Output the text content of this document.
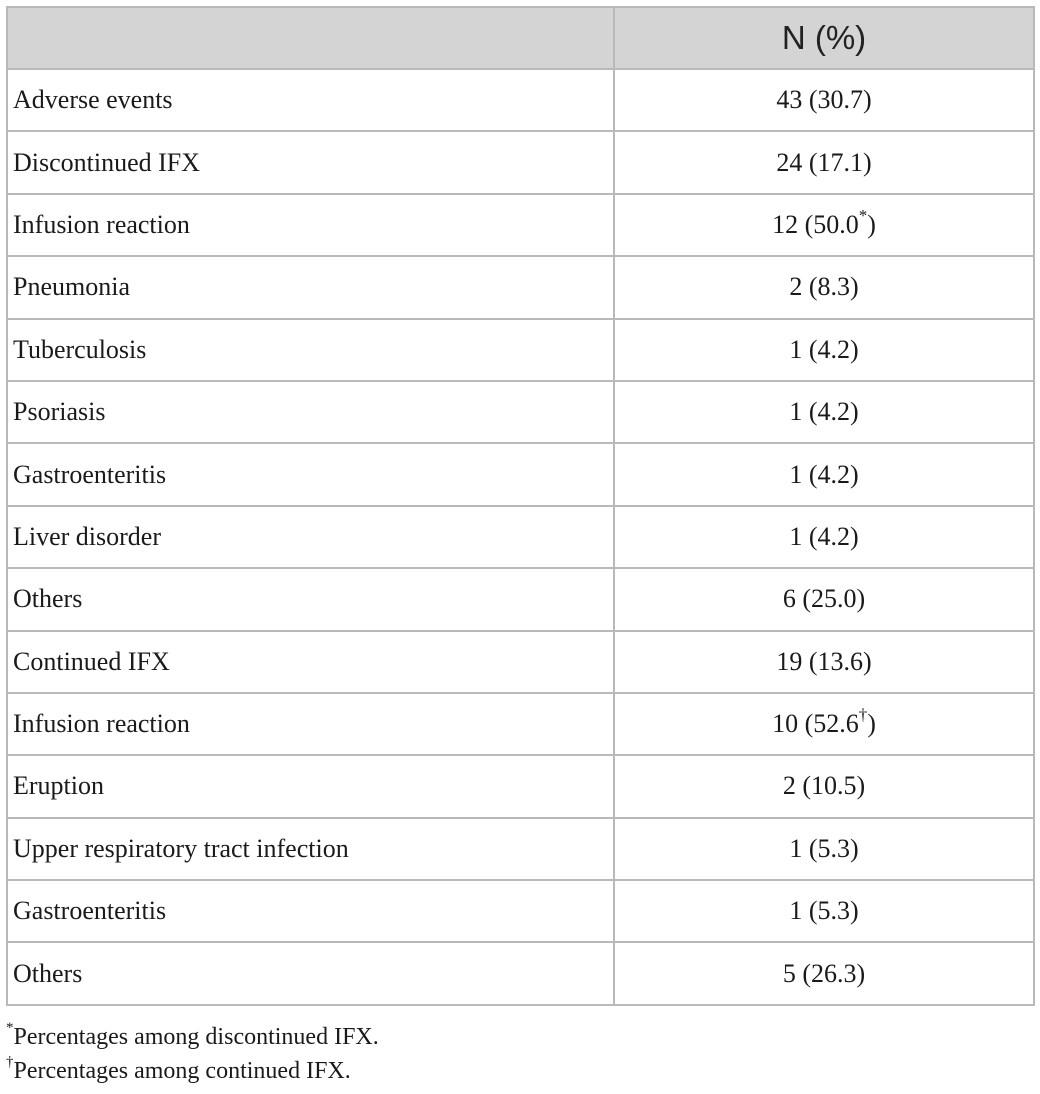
	N (%)
Adverse events	43 (30.7)
Discontinued IFX	24 (17.1)
Infusion reaction	12 (50.0*)
Pneumonia	2 (8.3)
Tuberculosis	1 (4.2)
Psoriasis	1 (4.2)
Gastroenteritis	1 (4.2)
Liver disorder	1 (4.2)
Others	6 (25.0)
Continued IFX	19 (13.6)
Infusion reaction	10 (52.6†)
Eruption	2 (10.5)
Upper respiratory tract infection	1 (5.3)
Gastroenteritis	1 (5.3)
Others	5 (26.3)
*Percentages among discontinued IFX.
†Percentages among continued IFX.
